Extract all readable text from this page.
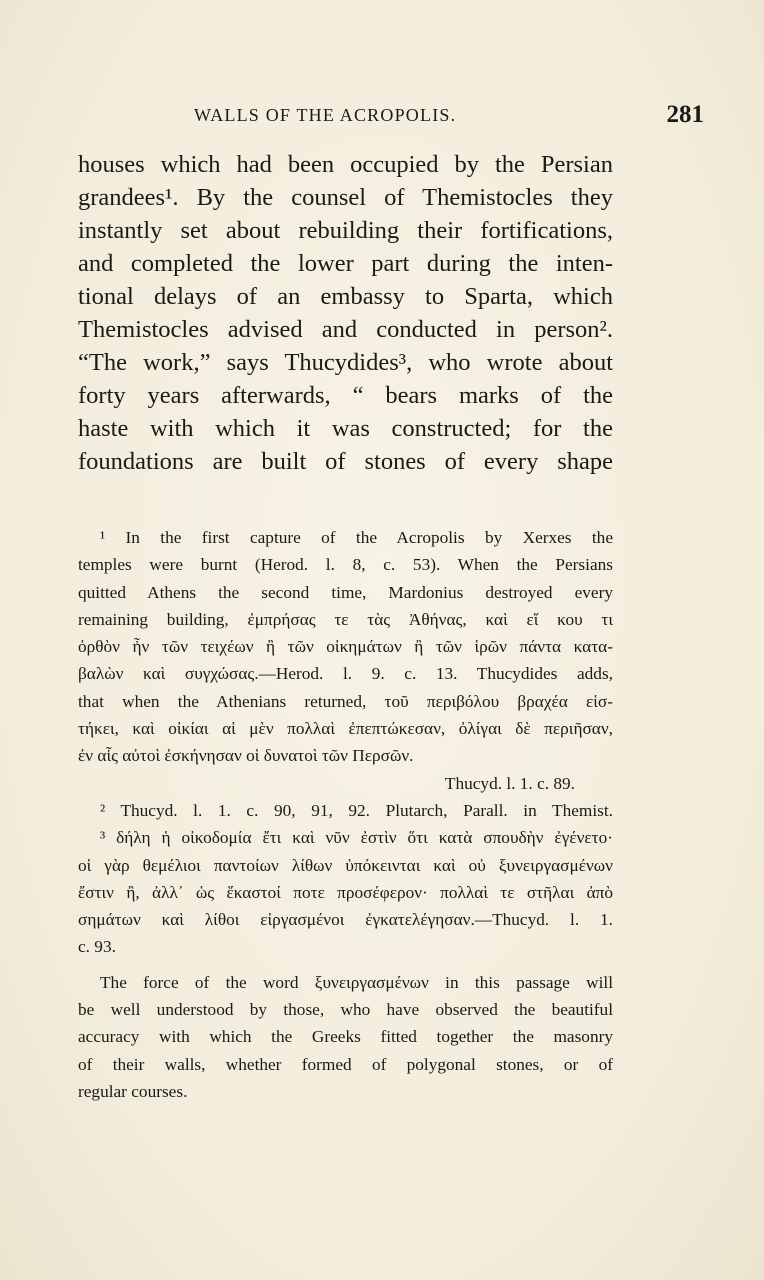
WALLS OF THE ACROPOLIS.	281
houses which had been occupied by the Persian
grandees¹. By the counsel of Themistocles they
instantly set about rebuilding their fortifications,
and completed the lower part during the inten-
tional delays of an embassy to Sparta, which
Themistocles advised and conducted in person².
“The work,” says Thucydides³, who wrote about
forty years afterwards, “ bears marks of the
haste with which it was constructed; for the
foundations are built of stones of every shape
¹ In the first capture of the Acropolis by Xerxes the
temples were burnt (Herod. l. 8, c. 53). When the Persians
quitted Athens the second time, Mardonius destroyed every
remaining building, ἐμπρήσας τε τὰς Ἀθήνας, καὶ εἴ κου τι
ὀρθὸν ἦν τῶν τειχέων ἢ τῶν οἰκημάτων ἢ τῶν ἱρῶν πάντα κατα-
βαλὼν καὶ συγχώσας.—Herod. l. 9. c. 13. Thucydides adds,
that when the Athenians returned, τοῦ περιβόλου βραχέα εἱσ-
τήκει, καὶ οἰκίαι αἱ μὲν πολλαὶ ἐπεπτώκεσαν, ὀλίγαι δὲ περιῆσαν,
ἐν αἷς αὐτοὶ ἐσκήνησαν οἱ δυνατοὶ τῶν Περσῶν.
Thucyd. l. 1. c. 89.
² Thucyd. l. 1. c. 90, 91, 92. Plutarch, Parall. in Themist.
³ δήλη ἡ οἰκοδομία ἔτι καὶ νῦν ἐστὶν ὅτι κατὰ σπουδὴν ἐγένετο·
οἱ γὰρ θεμέλιοι παντοίων λίθων ὑπόκεινται καὶ οὐ ξυνειργασμένων
ἔστιν ἢ, ἀλλ᾽ ὡς ἕκαστοί ποτε προσέφερον· πολλαὶ τε στῆλαι ἀπὸ
σημάτων καὶ λίθοι εἰργασμένοι ἐγκατελέγησαν.—Thucyd. l. 1.
c. 93.
The force of the word ξυνειργασμένων in this passage will
be well understood by those, who have observed the beautiful
accuracy with which the Greeks fitted together the masonry
of their walls, whether formed of polygonal stones, or of
regular courses.
